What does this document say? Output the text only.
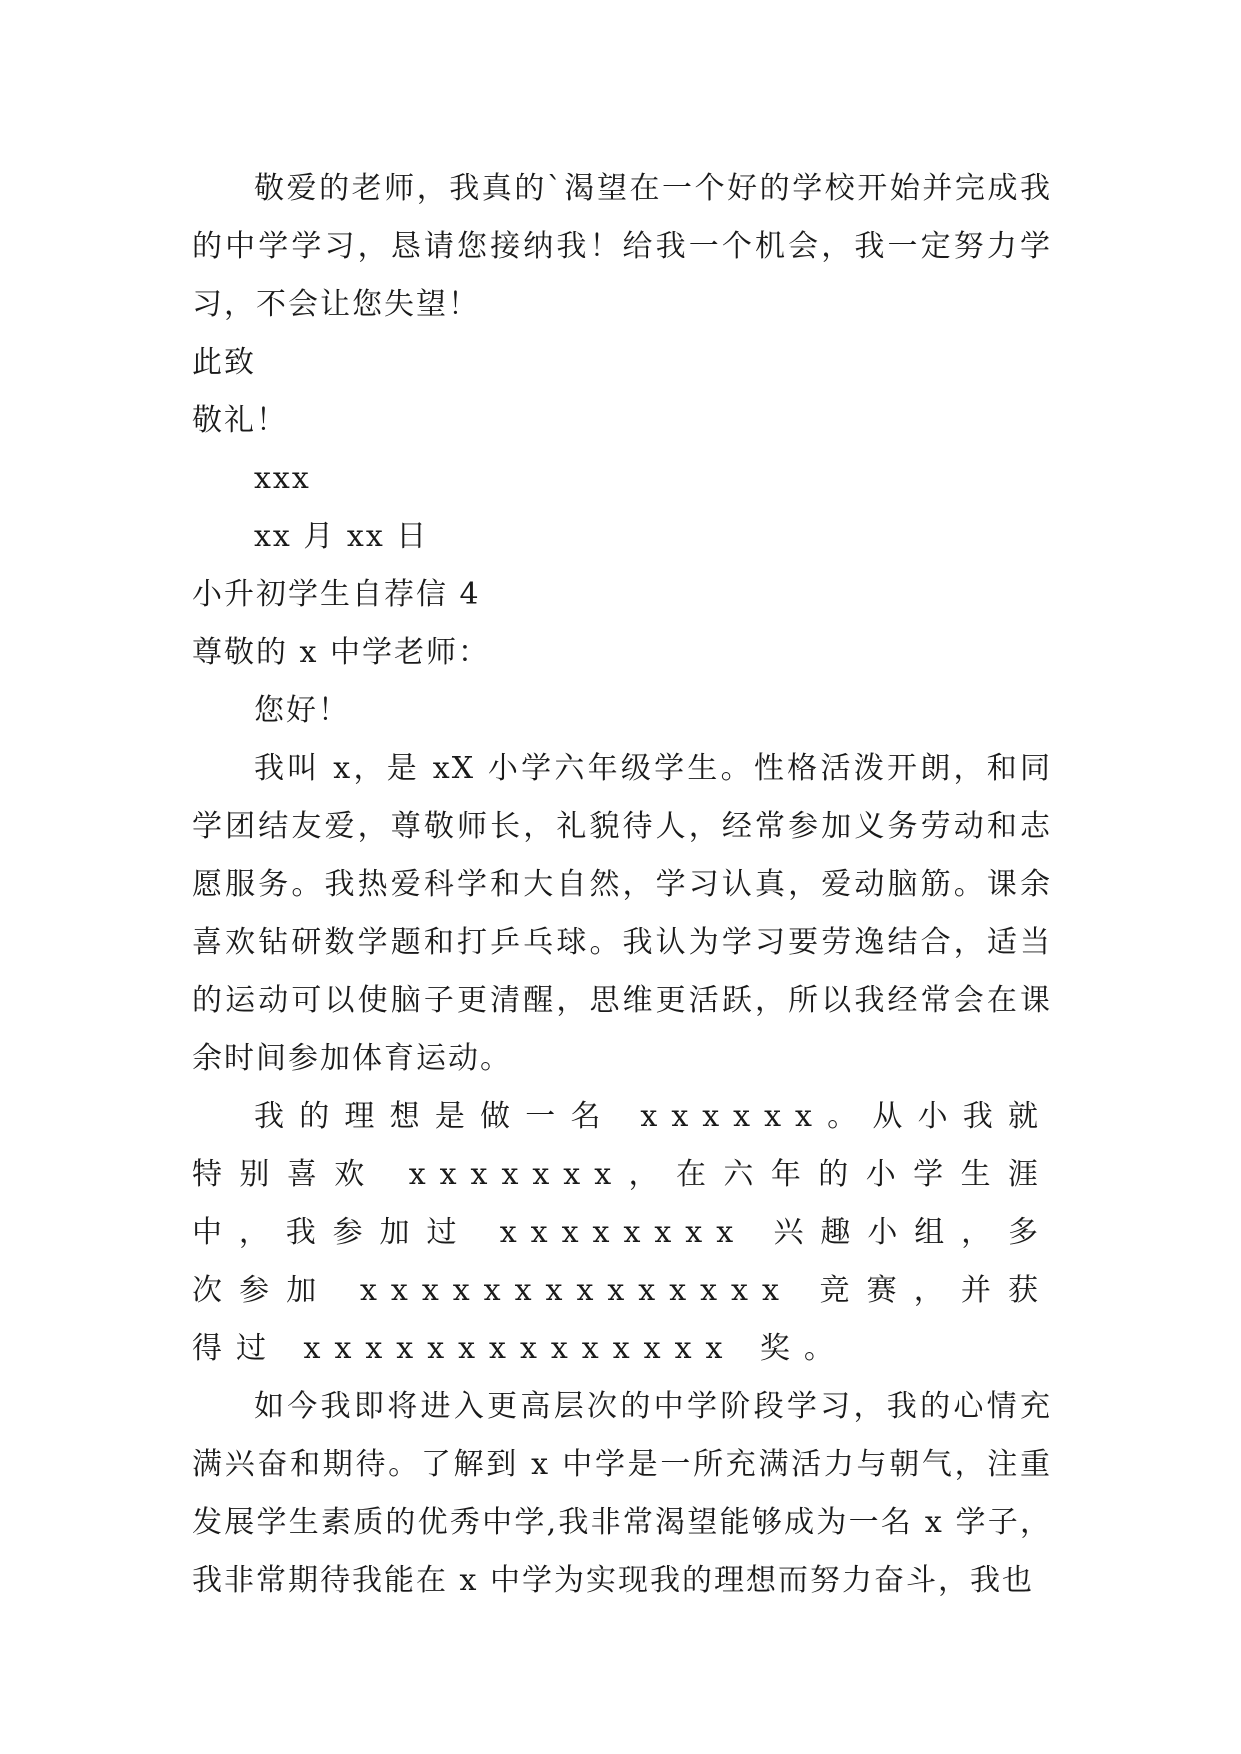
敬爱的老师，我真的`渴望在一个好的学校开始并完成我的中学学习，恳请您接纳我！给我一个机会，我一定努力学习，不会让您失望！

此致

敬礼！

xxx

xx 月 xx 日

小升初学生自荐信 4

尊敬的 x 中学老师：

您好！

我叫 x，是 xX 小学六年级学生。性格活泼开朗，和同学团结友爱，尊敬师长，礼貌待人，经常参加义务劳动和志愿服务。我热爱科学和大自然，学习认真，爱动脑筋。课余喜欢钻研数学题和打乒乓球。我认为学习要劳逸结合，适当的运动可以使脑子更清醒，思维更活跃，所以我经常会在课余时间参加体育运动。

我的理想是做一名 xxxxxx。从小我就特别喜欢 xxxxxxx，在六年的小学生涯中，我参加过 xxxxxxxx 兴趣小组，多次参加 xxxxxxxxxxxxxx 竞赛，并获得过 xxxxxxxxxxxxxx 奖。

如今我即将进入更高层次的中学阶段学习，我的心情充满兴奋和期待。了解到 x 中学是一所充满活力与朝气，注重发展学生素质的优秀中学,我非常渴望能够成为一名 x 学子，我非常期待我能在 x 中学为实现我的理想而努力奋斗，我也
